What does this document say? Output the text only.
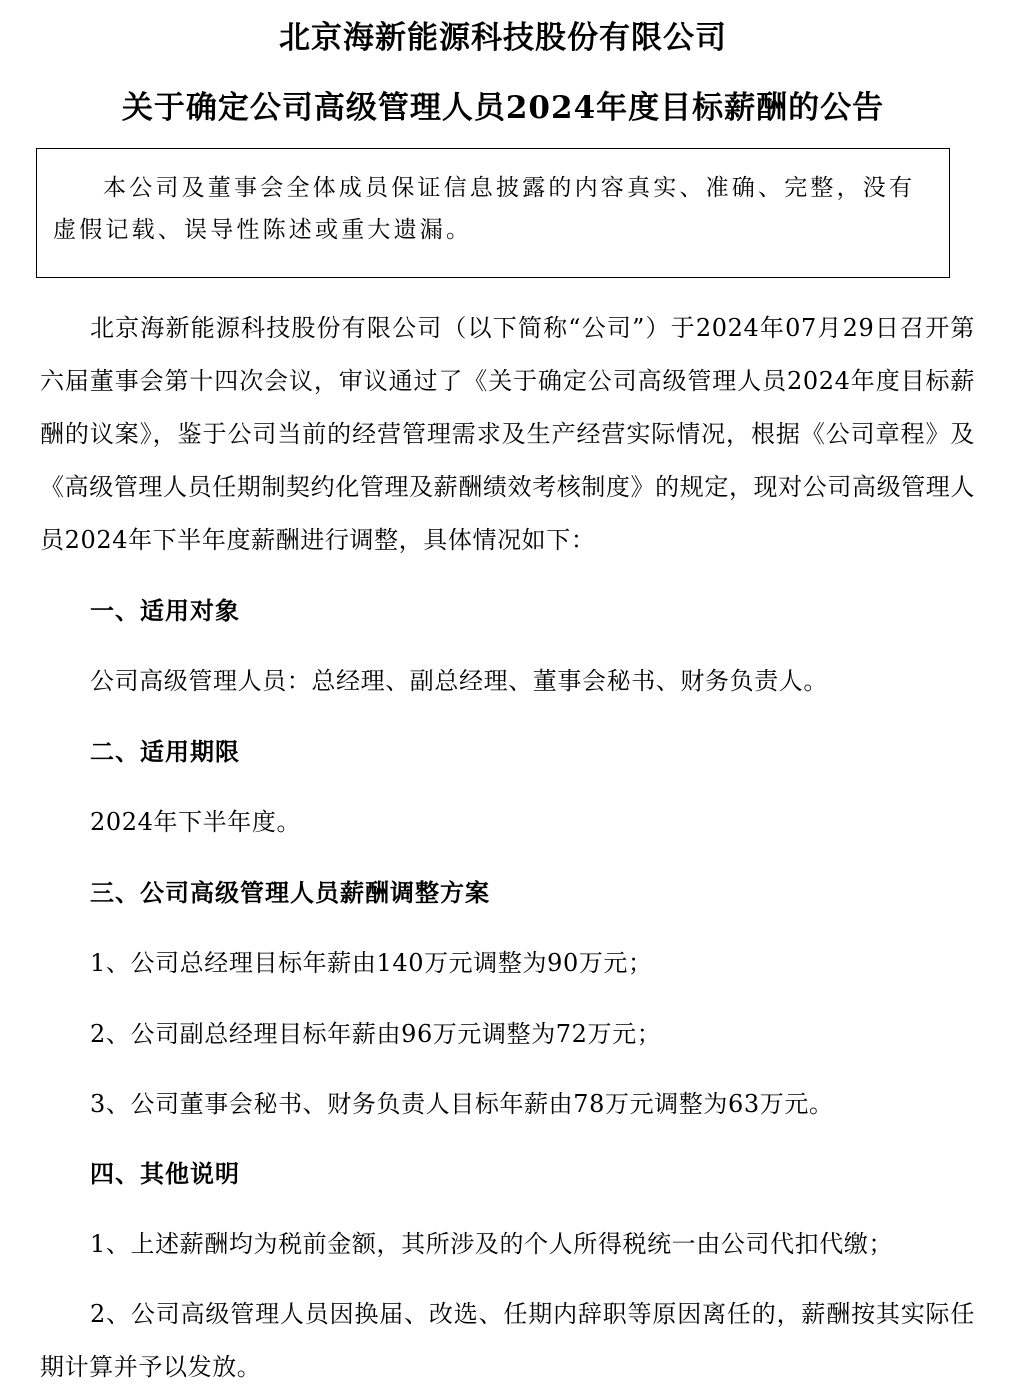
北京海新能源科技股份有限公司
关于确定公司高级管理人员2024年度目标薪酬的公告
本公司及董事会全体成员保证信息披露的内容真实、准确、完整，没有虚假记载、误导性陈述或重大遗漏。
北京海新能源科技股份有限公司（以下简称“公司”）于2024年07月29日召开第六届董事会第十四次会议，审议通过了《关于确定公司高级管理人员2024年度目标薪酬的议案》，鉴于公司当前的经营管理需求及生产经营实际情况，根据《公司章程》及《高级管理人员任期制契约化管理及薪酬绩效考核制度》的规定，现对公司高级管理人员2024年下半年度薪酬进行调整，具体情况如下：
一、适用对象
公司高级管理人员：总经理、副总经理、董事会秘书、财务负责人。
二、适用期限
2024年下半年度。
三、公司高级管理人员薪酬调整方案
1、公司总经理目标年薪由140万元调整为90万元；
2、公司副总经理目标年薪由96万元调整为72万元；
3、公司董事会秘书、财务负责人目标年薪由78万元调整为63万元。
四、其他说明
1、上述薪酬均为税前金额，其所涉及的个人所得税统一由公司代扣代缴；
2、公司高级管理人员因换届、改选、任期内辞职等原因离任的，薪酬按其实际任期计算并予以发放。
